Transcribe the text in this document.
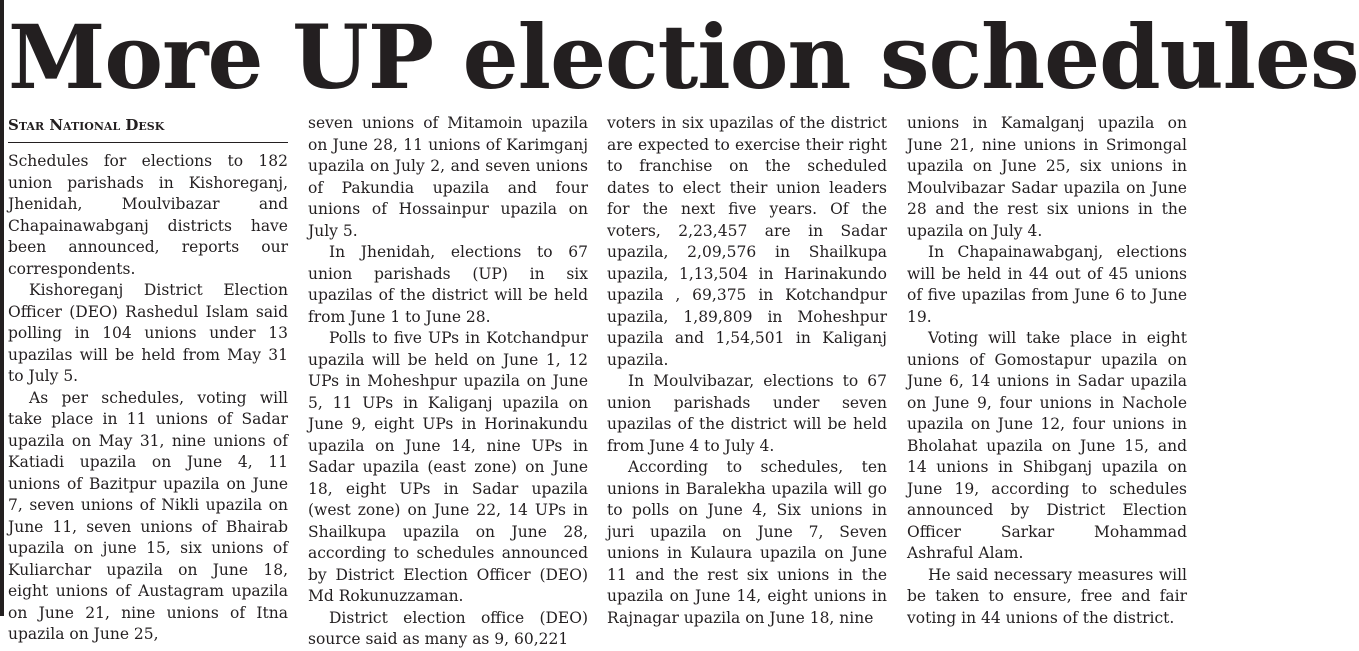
More UP election schedules
Star National Desk

Schedules for elections to 182 union parishads in Kishoreganj, Jhenidah, Moulvibazar and Chapainawabganj districts have been announced, reports our correspondents.

Kishoreganj District Election Officer (DEO) Rashedul Islam said polling in 104 unions under 13 upazilas will be held from May 31 to July 5.

As per schedules, voting will take place in 11 unions of Sadar upazila on May 31, nine unions of Katiadi upazila on June 4, 11 unions of Bazitpur upazila on June 7, seven unions of Nikli upazila on June 11, seven unions of Bhairab upazila on june 15, six unions of Kuliarchar upazila on June 18, eight unions of Austagram upazila on June 21, nine unions of Itna upazila on June 25,

seven unions of Mitamoin upazila on June 28, 11 unions of Karimganj upazila on July 2, and seven unions of Pakundia upazila and four unions of Hossainpur upazila on July 5.

In Jhenidah, elections to 67 union parishads (UP) in six upazilas of the district will be held from June 1 to June 28.

Polls to five UPs in Kotchandpur upazila will be held on June 1, 12 UPs in Moheshpur upazila on June 5, 11 UPs in Kaliganj upazila on June 9, eight UPs in Horinakundu upazila on June 14, nine UPs in Sadar upazila (east zone) on June 18, eight UPs in Sadar upazila (west zone) on June 22, 14 UPs in Shailkupa upazila on June 28, according to schedules announced by District Election Officer (DEO) Md Rokunuzzaman.

District election office (DEO) source said as many as 9, 60,221

voters in six upazilas of the district are expected to exercise their right to franchise on the scheduled dates to elect their union leaders for the next five years. Of the voters, 2,23,457 are in Sadar upazila, 2,09,576 in Shailkupa upazila, 1,13,504 in Harinakundo upazila , 69,375 in Kotchandpur upazila, 1,89,809 in Moheshpur upazila and 1,54,501 in Kaliganj upazila.

In Moulvibazar, elections to 67 union parishads under seven upazilas of the district will be held from June 4 to July 4.

According to schedules, ten unions in Baralekha upazila will go to polls on June 4, Six unions in juri upazila on June 7, Seven unions in Kulaura upazila on June 11 and the rest six unions in the upazila on June 14, eight unions in Rajnagar upazila on June 18, nine

unions in Kamalganj upazila on June 21, nine unions in Srimongal upazila on June 25, six unions in Moulvibazar Sadar upazila on June 28 and the rest six unions in the upazila on July 4.

In Chapainawabganj, elections will be held in 44 out of 45 unions of five upazilas from June 6 to June 19.

Voting will take place in eight unions of Gomostapur upazila on June 6, 14 unions in Sadar upazila on June 9, four unions in Nachole upazila on June 12, four unions in Bholahat upazila on June 15, and 14 unions in Shibganj upazila on June 19, according to schedules announced by District Election Officer Sarkar Mohammad Ashraful Alam.

He said necessary measures will be taken to ensure, free and fair voting in 44 unions of the district.
